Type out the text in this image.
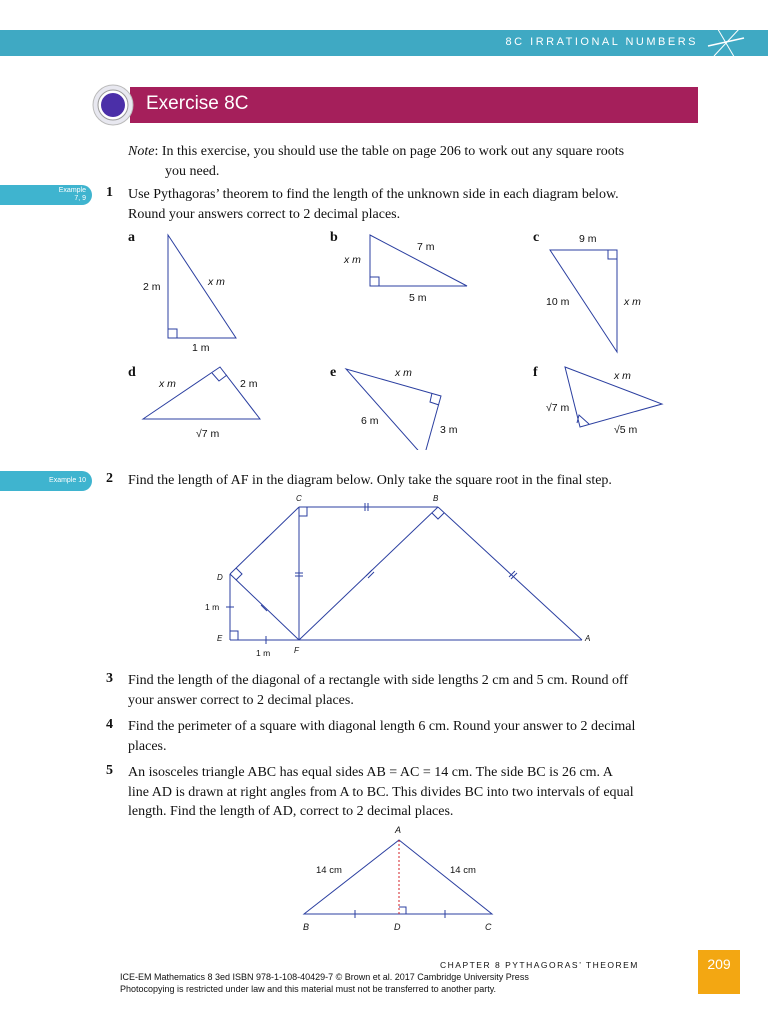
8C IRRATIONAL NUMBERS
Exercise 8C
Note: In this exercise, you should use the table on page 206 to work out any square roots
you need.
Example
7, 9
Example 10
1 Use Pythagoras’ theorem to find the length of the unknown side in each diagram below.
Round your answers correct to 2 decimal places.
a	b	c
d	e	f
2 m	x m
1 m
7 m
x m
5 m
9 m
10 m	x m
x m	2 m
√7 m
x m
6 m
3 m
x m
√7 m
√5 m
2 Find the length of AF in the diagram below. Only take the square root in the final step.
C	B
D
E
F
A
1 m
1 m
3 Find the length of the diagonal of a rectangle with side lengths 2 cm and 5 cm. Round off
your answer correct to 2 decimal places.
4 Find the perimeter of a square with diagonal length 6 cm. Round your answer to 2 decimal
places.
5 An isosceles triangle ABC has equal sides AB = AC = 14 cm. The side BC is 26 cm. A
line AD is drawn at right angles from A to BC. This divides BC into two intervals of equal
length. Find the length of AD, correct to 2 decimal places.
A
B	D	C
14 cm	14 cm
CHAPTER 8 PYTHAGORAS’ THEOREM	209
ICE-EM Mathematics 8 3ed ISBN 978-1-108-40429-7 © Brown et al. 2017 Cambridge University Press
Photocopying is restricted under law and this material must not be transferred to another party.
